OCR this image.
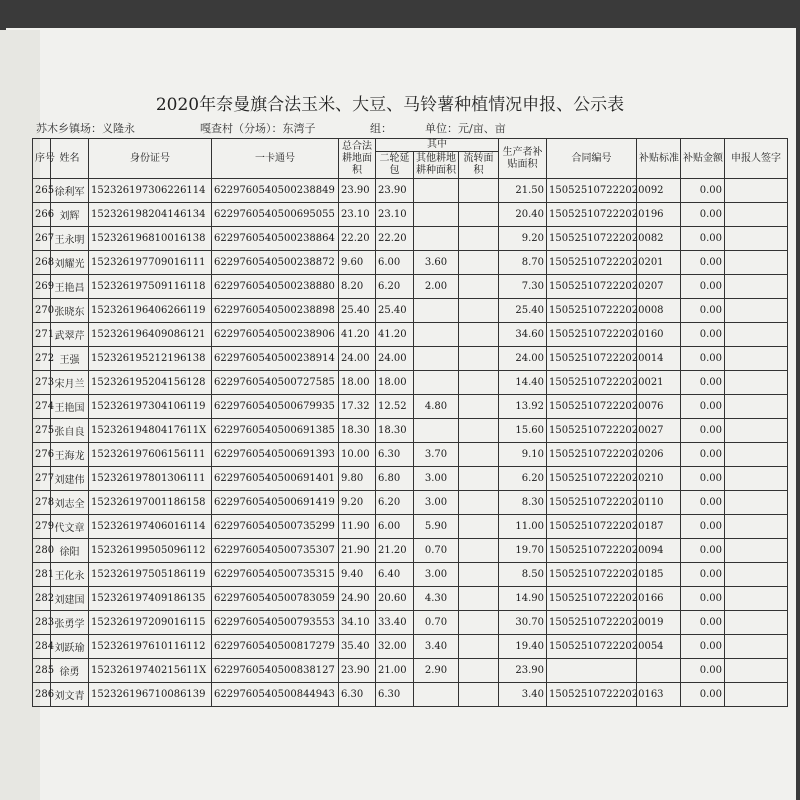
2020年奈曼旗合法玉米、大豆、马铃薯种植情况申报、公示表
苏木乡镇场：义隆永	嘎查村（分场）：东湾子	组：	单位：元/亩、亩
序号	姓名	身份证号	一卡通号	总合法耕地面积	其中			生产者补贴面积	合同编号	补贴标准	补贴金额	申报人签字
					二轮延包	其他耕地耕种面积	流转面积					
265	徐利军	152326197306226114	622976054050023884​9	23.90	23.90			21.50	150525107222020092		0.00	
266	刘辉	152326198204146134	6229760540500695055	23.10	23.10			20.40	150525107222020196		0.00	
267	王永明	152326196810016138	6229760540500238864	22.20	22.20			9.20	150525107222020082		0.00	
268	刘耀光	152326197709016111	6229760540500238872	9.60	6.00	3.60		8.70	150525107222020201		0.00	
269	王艳昌	152326197509116118	6229760540500238880	8.20	6.20	2.00		7.30	150525107222020207		0.00	
270	张晓东	152326196406266119	6229760540500238898	25.40	25.40			25.40	150525107222020008		0.00	
271	武翠芹	152326196409086121	6229760540500238906	41.20	41.20			34.60	150525107222020160		0.00	
272	王强	152326195212196138	6229760540500238914	24.00	24.00			24.00	150525107222020014		0.00	
273	宋月兰	152326195204156128	6229760540500727585	18.00	18.00			14.40	150525107222020021		0.00	
274	王艳国	152326197304106119	6229760540500679935	17.32	12.52	4.80		13.92	150525107222020076		0.00	
275	张自良	15232619480417611X	6229760540500691385	18.30	18.30			15.60	150525107222020027		0.00	
276	王海龙	152326197606156111	6229760540500691393	10.00	6.30	3.70		9.10	150525107222020206		0.00	
277	刘建伟	152326197801306111	6229760540500691401	9.80	6.80	3.00		6.20	150525107222020210		0.00	
278	刘志全	152326197001186158	6229760540500691419	9.20	6.20	3.00		8.30	150525107222020110		0.00	
279	代文章	152326197406016114	6229760540500735299	11.90	6.00	5.90		11.00	150525107222020187		0.00	
280	徐阳	152326199505096112	6229760540500735307	21.90	21.20	0.70		19.70	150525107222020094		0.00	
281	王化永	152326197505186119	6229760540500735315	9.40	6.40	3.00		8.50	150525107222020185		0.00	
282	刘建国	152326197409186135	6229760540500783059	24.90	20.60	4.30		14.90	150525107222020166		0.00	
283	张勇学	152326197209016115	6229760540500793553	34.10	33.40	0.70		30.70	150525107222020019		0.00	
284	刘跃瑜	152326197610116112	6229760540500817279	35.40	32.00	3.40		19.40	150525107222020054		0.00	
285	徐勇	15232619740215611X	6229760540500838127	23.90	21.00	2.90		23.90			0.00	
286	刘文青	152326196710086139	6229760540500844943	6.30	6.30			3.40	150525107222020163		0.00	
